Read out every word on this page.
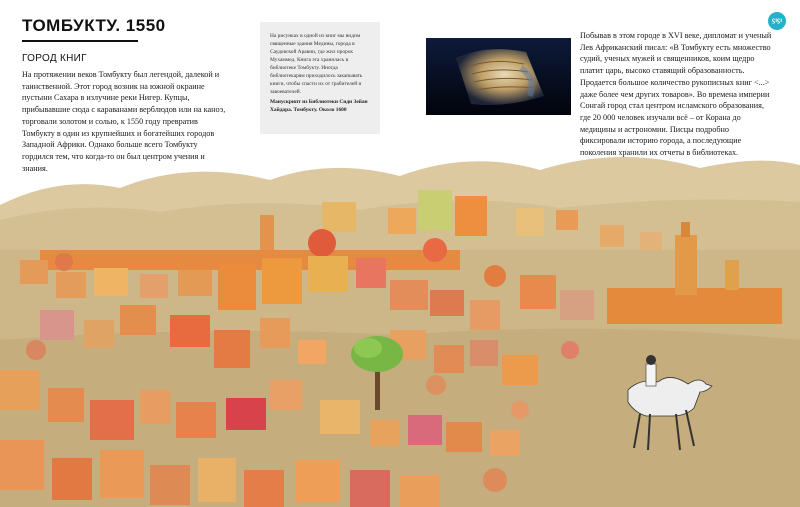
ТОМБУКТУ. 1550
ГОРОД КНИГ

На протяжении веков Томбукту был легендой, далекой и таинственной. Этот город возник на южной окраине пустыни Сахара в излучине реки Нигер. Купцы, прибывавшие сюда с караванами верблюдов или на каноэ, торговали золотом и солью, к 1550 году превратив Томбукту в один из крупнейших и богатейших городов Западной Африки. Однако больше всего Томбукту гордился тем, что когда-то он был центром учения и знания.

На рисунках в одной из книг мы видим священные здания Медины, города в Саудовской Аравии, где жил пророк Мухаммед. Книга эта хранилась в библиотеке Томбукту. Иногда библиотекарям приходилось закапывать книги, чтобы спасти их от грабителей и завоевателей.

Манускрипт из Библиотеки Сиди Зейан Хайдара. Томбукту. Около 1600

Побывав в этом городе в XVI веке, дипломат и ученый Лев Африканский писал: «В Томбукту есть множество судий, ученых мужей и священников, коим щедро платит царь, высоко ставящий образованность. Продается большое количество рукописных книг <...> даже более чем других товаров». Во времена империи Сонгай город стал центром исламского образования, где 20 000 человек изучали всё – от Корана до медицины и астрономии. Писцы подробно фиксировали историю города, а последующие поколения хранили их отчеты в библиотеках.

ϛιϛι
